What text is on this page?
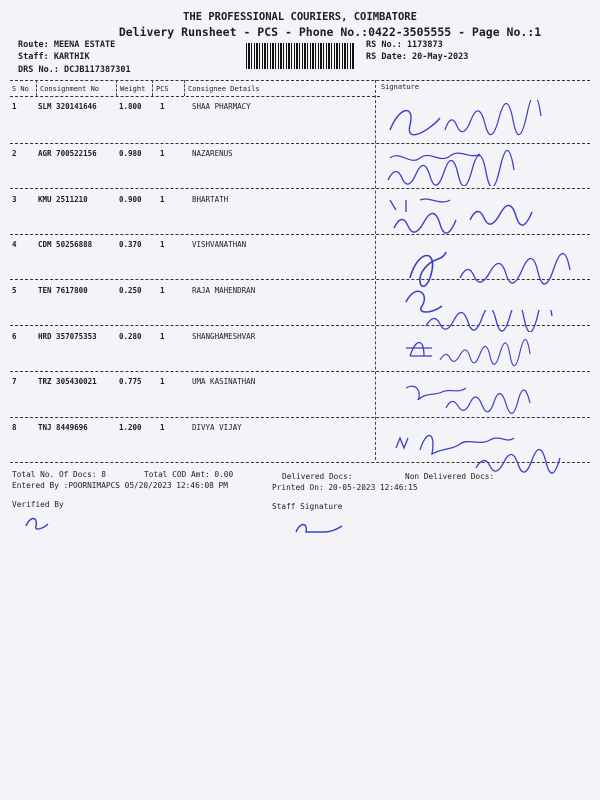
THE PROFESSIONAL COURIERS, COIMBATORE
Delivery Runsheet - PCS - Phone No.:0422-3505555 - Page No.:1
Route: MEENA ESTATE
Staff: KARTHIK
DRS No.: DCJB117387301
RS No.: 1173873
RS Date: 20-May-2023
S No Consignment No	Weight PCS	Consignee Details	Signature
1	SLM 320141646	1.800 1	SHAA PHARMACY
2	AGR 700522156	0.980 1	NAZARENUS
3	KMU 2511210	0.900 1	BHARTATH
4	CDM 50256888	0.370 1	VISHVANATHAN
5	TEN 7617800	0.250 1	RAJA MAHENDRAN
6	HRD 357075353	0.280 1	SHANGHAMESHVAR
7	TRZ 305430021	0.775 1	UMA KASINATHAN
8	TNJ 8449696	1.200 1	DIVYA VIJAY
Total No. Of Docs: 8	Total COD Amt: 0.00	Delivered Docs:	Non Delivered Docs:
Entered By :POORNIMAPCS 05/20/2023 12:46:08 PM	Printed On: 20-05-2023 12:46:15
Verified By	Staff Signature
